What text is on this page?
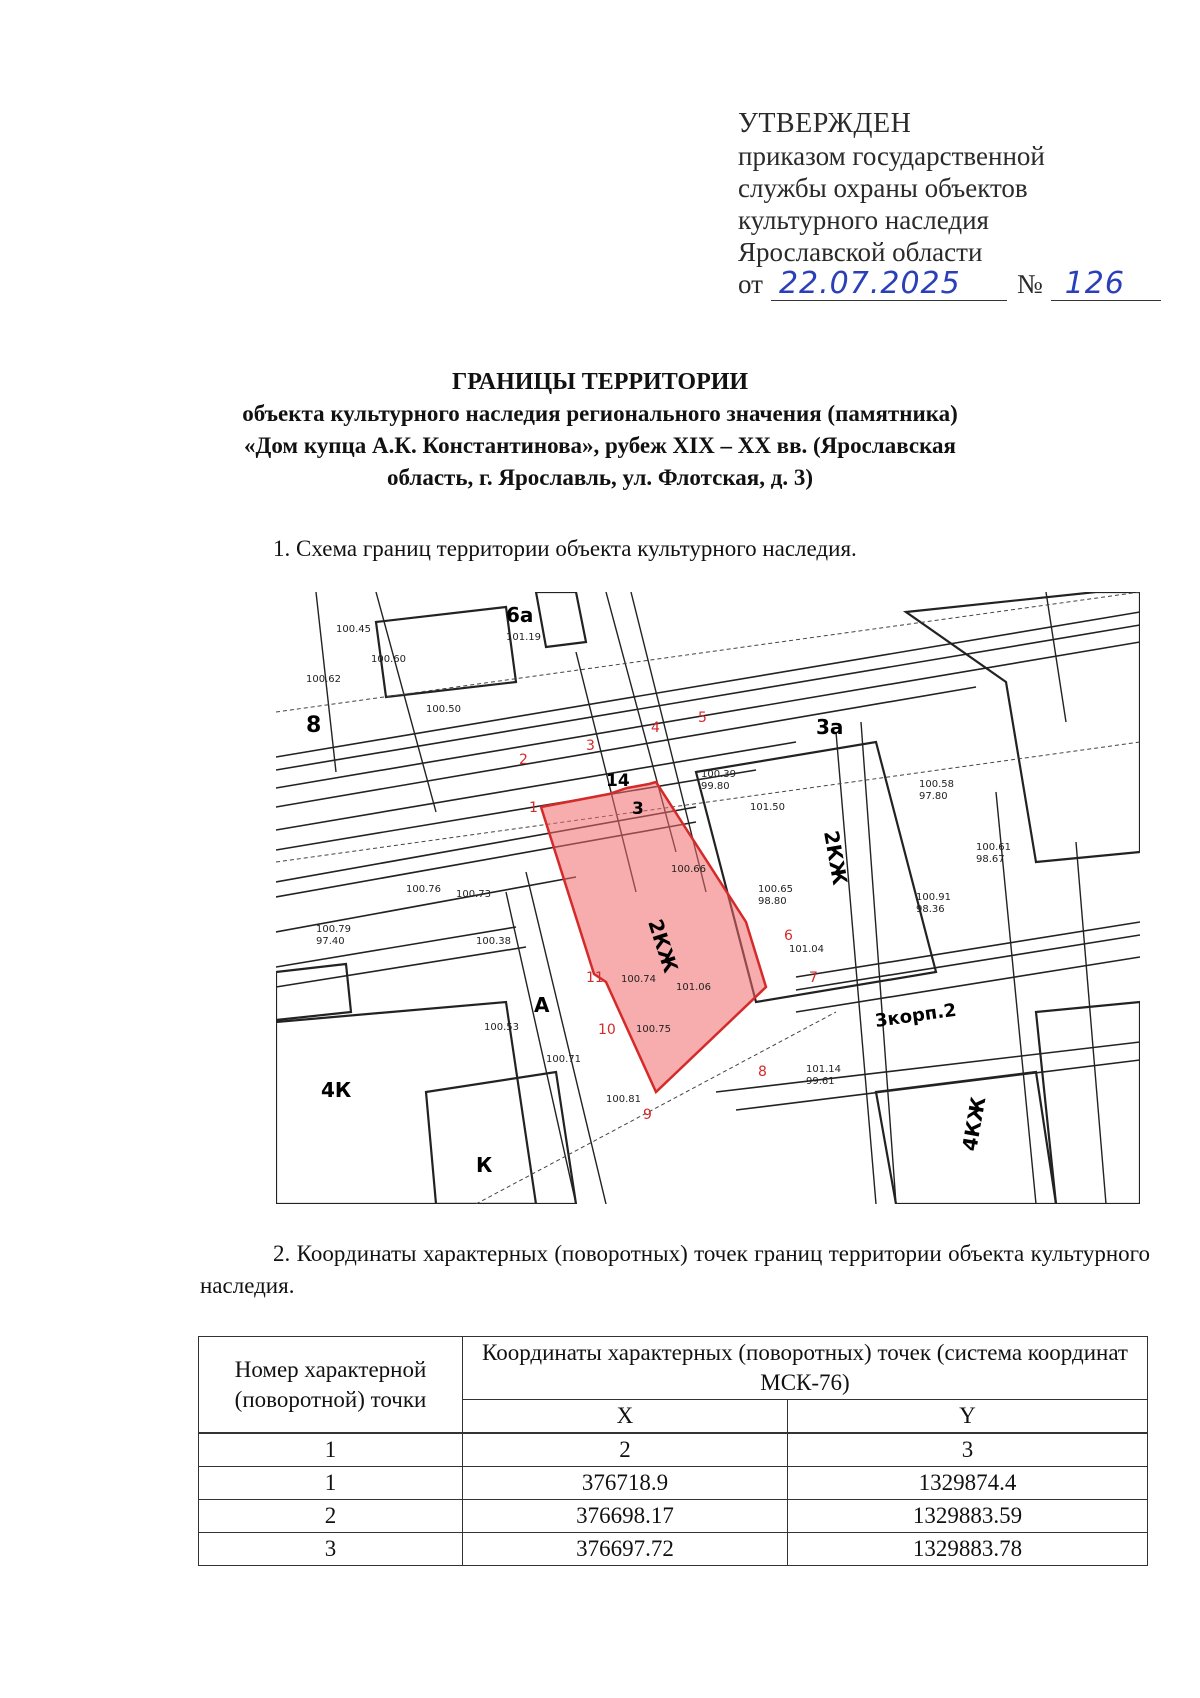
УТВЕРЖДЕН
приказом государственной
службы охраны объектов
культурного наследия
Ярославской области
от 22.07.2025	№ 126
ГРАНИЦЫ ТЕРРИТОРИИ
объекта культурного наследия регионального значения (памятника)
«Дом купца А.К. Константинова», рубеж XIX – XX вв. (Ярославская
область, г. Ярославль, ул. Флотская, д. 3)
1. Схема границ территории объекта культурного наследия.
2КЖ
2КЖ
3а
3
14
8
6а
4К
4КЖ
3корп.2
А
К
1
2
3
4
5
6
7
8
9
10
11
100.45
100.62
101.19
100.50
100.76 100.73
100.66
101.06
100.74
100.75
101.04
100.38
100.39
99.80
101.50
100.65
98.80
100.58
97.80
100.61
98.67
100.91
98.36
100.79
97.40
101.14
99.61
100.71
100.81
100.60
100.53
2. Координаты характерных (поворотных) точек границ территории объекта культурного наследия.
Номер характерной (поворотной) точки	Координаты характерных (поворотных) точек (система координат МСК-76)	
	X	Y
1	2	3
1	376718.9	1329874.4
2	376698.17	1329883.59
3	376697.72	1329883.78
